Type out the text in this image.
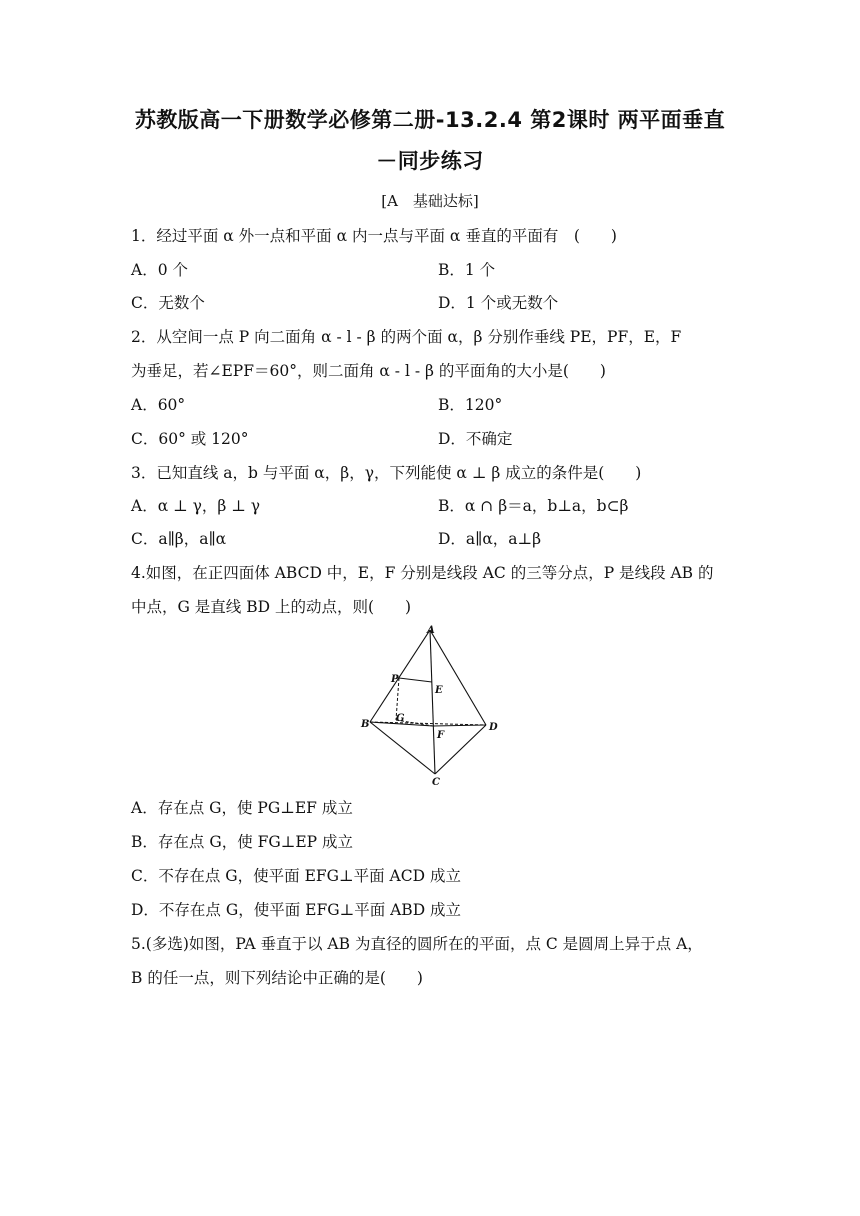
苏教版高一下册数学必修第二册-13.2.4 第2课时 两平面垂直
－同步练习
[A　基础达标]
1．经过平面 α 外一点和平面 α 内一点与平面 α 垂直的平面有　(　　)
A．0 个	B．1 个
C．无数个	D．1 个或无数个
2．从空间一点 P 向二面角 α - l - β 的两个面 α，β 分别作垂线 PE，PF，E，F
为垂足，若∠EPF＝60°，则二面角 α - l - β 的平面角的大小是(　　)
A．60°	B．120°
C．60° 或 120°	D．不确定
3．已知直线 a，b 与平面 α，β，γ，下列能使 α ⊥ β 成立的条件是(　　)
A．α ⊥ γ，β ⊥ γ	B．α ∩ β＝a，b⊥a，b⊂β
C．a∥β，a∥α	D．a∥α，a⊥β
4.如图，在正四面体 ABCD 中，E，F 分别是线段 AC 的三等分点，P 是线段 AB 的
中点，G 是直线 BD 上的动点，则(　　)
A
B
C
D
E
F
G
P
A．存在点 G，使 PG⊥EF 成立
B．存在点 G，使 FG⊥EP 成立
C．不存在点 G，使平面 EFG⊥平面 ACD 成立
D．不存在点 G，使平面 EFG⊥平面 ABD 成立
5.(多选)如图，PA 垂直于以 AB 为直径的圆所在的平面，点 C 是圆周上异于点 A，
B 的任一点，则下列结论中正确的是(　　)
